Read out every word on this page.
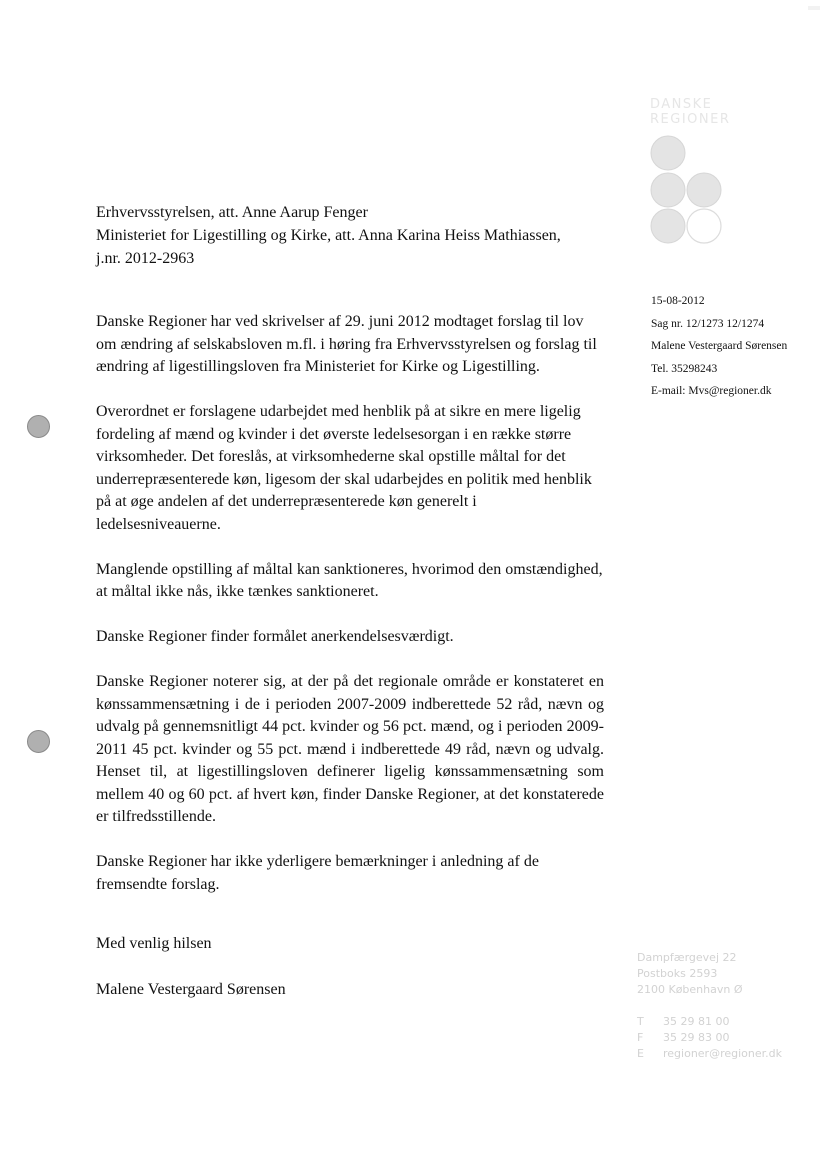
DANSKE
REGIONER
Erhvervsstyrelsen, att. Anne Aarup Fenger
Ministeriet for Ligestilling og Kirke, att. Anna Karina Heiss Mathiassen,
j.nr. 2012-2963
15-08-2012
Sag nr. 12/1273 12/1274
Malene Vestergaard Sørensen
Tel. 35298243
E-mail: Mvs@regioner.dk

Danske Regioner har ved skrivelser af 29. juni 2012 modtaget forslag til lov om ændring af selskabsloven m.fl. i høring fra Erhvervsstyrelsen og forslag til ændring af ligestillingsloven fra Ministeriet for Kirke og Ligestilling.

Overordnet er forslagene udarbejdet med henblik på at sikre en mere ligelig fordeling af mænd og kvinder i det øverste ledelsesorgan i en række større virksomheder. Det foreslås, at virksomhederne skal opstille måltal for det underrepræsenterede køn, ligesom der skal udarbejdes en politik med henblik på at øge andelen af det underrepræsenterede køn generelt i ledelsesniveauerne.

Manglende opstilling af måltal kan sanktioneres, hvorimod den omstændighed, at måltal ikke nås, ikke tænkes sanktioneret.

Danske Regioner finder formålet anerkendelsesværdigt.

Danske Regioner noterer sig, at der på det regionale område er konstateret en kønssammensætning i de i perioden 2007-2009 indberettede 52 råd, nævn og udvalg på gennemsnitligt 44 pct. kvinder og 56 pct. mænd, og i perioden 2009-2011 45 pct. kvinder og 55 pct. mænd i indberettede 49 råd, nævn og udvalg. Henset til, at ligestillingsloven definerer ligelig kønssammensætning som mellem 40 og 60 pct. af hvert køn, finder Danske Regioner, at det konstaterede er tilfredsstillende.

Danske Regioner har ikke yderligere bemærkninger i anledning af de fremsendte forslag.

Med venlig hilsen
Malene Vestergaard Sørensen
Dampfærgevej 22
Postboks 2593
2100 København Ø
T	35 29 81 00
F	35 29 83 00
E	regioner@regioner.dk
